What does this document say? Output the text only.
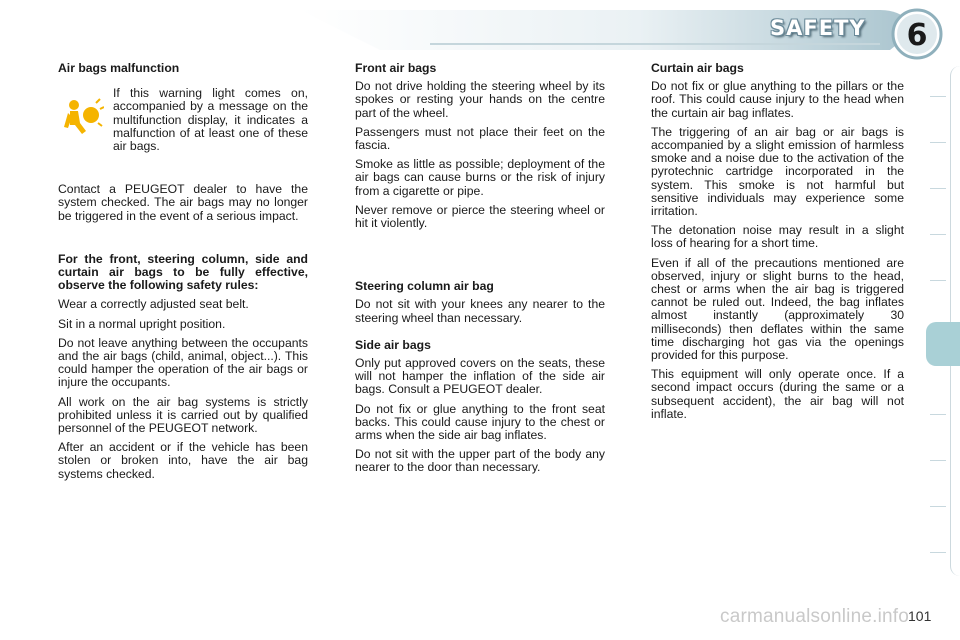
SAFETY	6
Air bags malfunction
If this warning light comes on, accompanied by a message on the multifunction display, it indicates a malfunction of at least one of these air bags.

Contact a PEUGEOT dealer to have the system checked. The air bags may no longer be triggered in the event of a serious impact.

For the front, steering column, side and curtain air bags to be fully effective, observe the following safety rules:

Wear a correctly adjusted seat belt.

Sit in a normal upright position.

Do not leave anything between the occupants and the air bags (child, animal, object...). This could hamper the operation of the air bags or injure the occupants.

All work on the air bag systems is strictly prohibited unless it is carried out by qualified personnel of the PEUGEOT network.

After an accident or if the vehicle has been stolen or broken into, have the air bag systems checked.

Front air bags

Do not drive holding the steering wheel by its spokes or resting your hands on the centre part of the wheel.

Passengers must not place their feet on the fascia.

Smoke as little as possible; deployment of the air bags can cause burns or the risk of injury from a cigarette or pipe.

Never remove or pierce the steering wheel or hit it violently.

Steering column air bag

Do not sit with your knees any nearer to the steering wheel than necessary.

Side air bags

Only put approved covers on the seats, these will not hamper the inflation of the side air bags. Consult a PEUGEOT dealer.

Do not fix or glue anything to the front seat backs. This could cause injury to the chest or arms when the side air bag inflates.

Do not sit with the upper part of the body any nearer to the door than necessary.

Curtain air bags

Do not fix or glue anything to the pillars or the roof. This could cause injury to the head when the curtain air bag inflates.

The triggering of an air bag or air bags is accompanied by a slight emission of harmless smoke and a noise due to the activation of the pyrotechnic cartridge incorporated in the system. This smoke is not harmful but sensitive individuals may experience some irritation.

The detonation noise may result in a slight loss of hearing for a short time.

Even if all of the precautions mentioned are observed, injury or slight burns to the head, chest or arms when the air bag is triggered cannot be ruled out. Indeed, the bag inflates almost instantly (approximately 30 milliseconds) then deflates within the same time discharging hot gas via the openings provided for this purpose.

This equipment will only operate once. If a second impact occurs (during the same or a subsequent accident), the air bag will not inflate.

carmanualsonline.info
101
